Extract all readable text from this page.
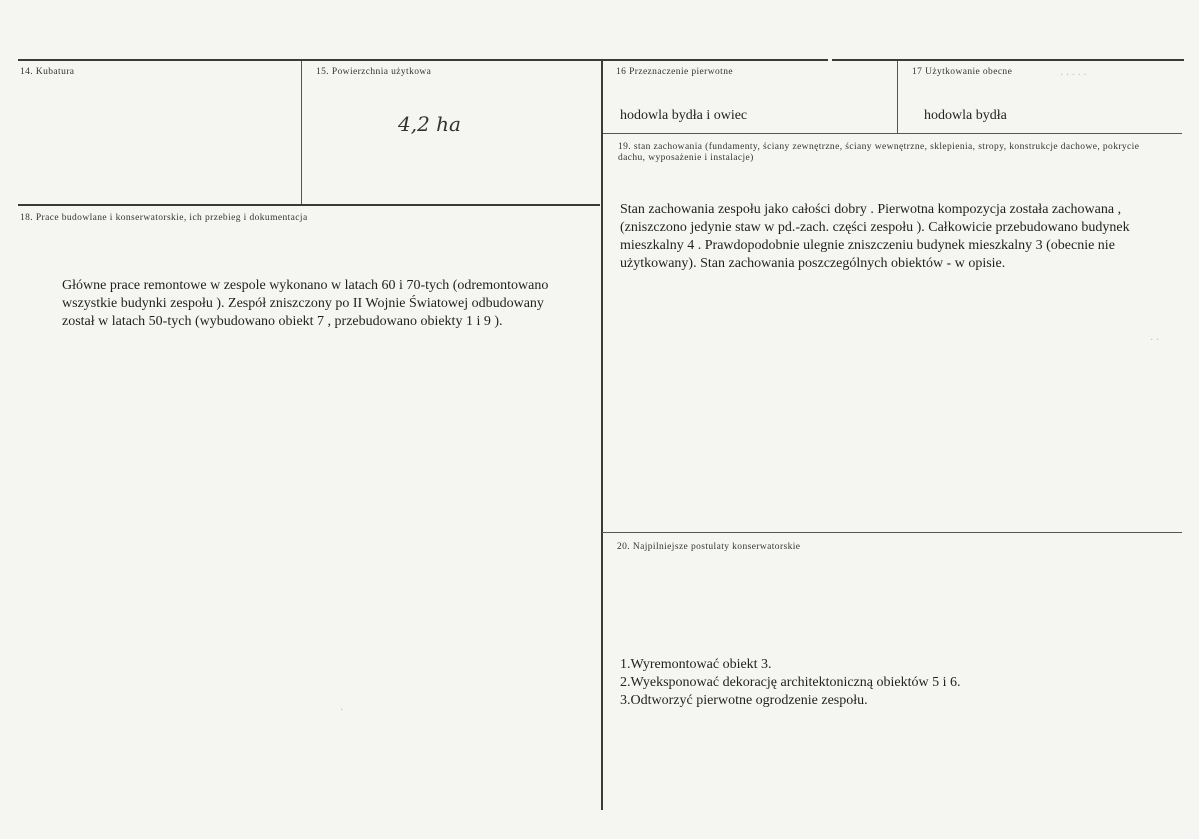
14. Kubatura	15. Powierzchnia użytkowa
4,2 ha
16 Przeznaczenie pierwotne
hodowla bydła i owiec
17 Użytkowanie obecne
hodowla bydła
18. Prace budowlane i konserwatorskie, ich przebieg i dokumentacja
Główne prace remontowe w zespole wykonano w latach 60 i 70-tych (odremontowano wszystkie budynki zespołu ). Zespół zniszczony po II Wojnie Światowej odbudowany został w latach 50-tych (wybudowano obiekt 7 , przebudowano obiekty 1 i 9 ).
19. stan zachowania (fundamenty, ściany zewnętrzne, ściany wewnętrzne, sklepienia, stropy, konstrukcje dachowe, pokrycie dachu, wyposażenie i instalacje)
Stan zachowania zespołu jako całości dobry . Pierwotna kompozycja została zachowana , (zniszczono jedynie staw w pd.-zach. części zespołu ). Całkowicie przebudowano budynek mieszkalny 4 . Prawdopodobnie ulegnie zniszczeniu budynek mieszkalny 3 (obecnie nie użytkowany). Stan zachowania poszczególnych obiektów - w opisie.
20. Najpilniejsze postulaty konserwatorskie
1.Wyremontować obiekt 3.
2.Wyeksponować dekorację architektoniczną obiektów 5 i 6.
3.Odtworzyć pierwotne ogrodzenie zespołu.
· · · · ·
· ·
·
